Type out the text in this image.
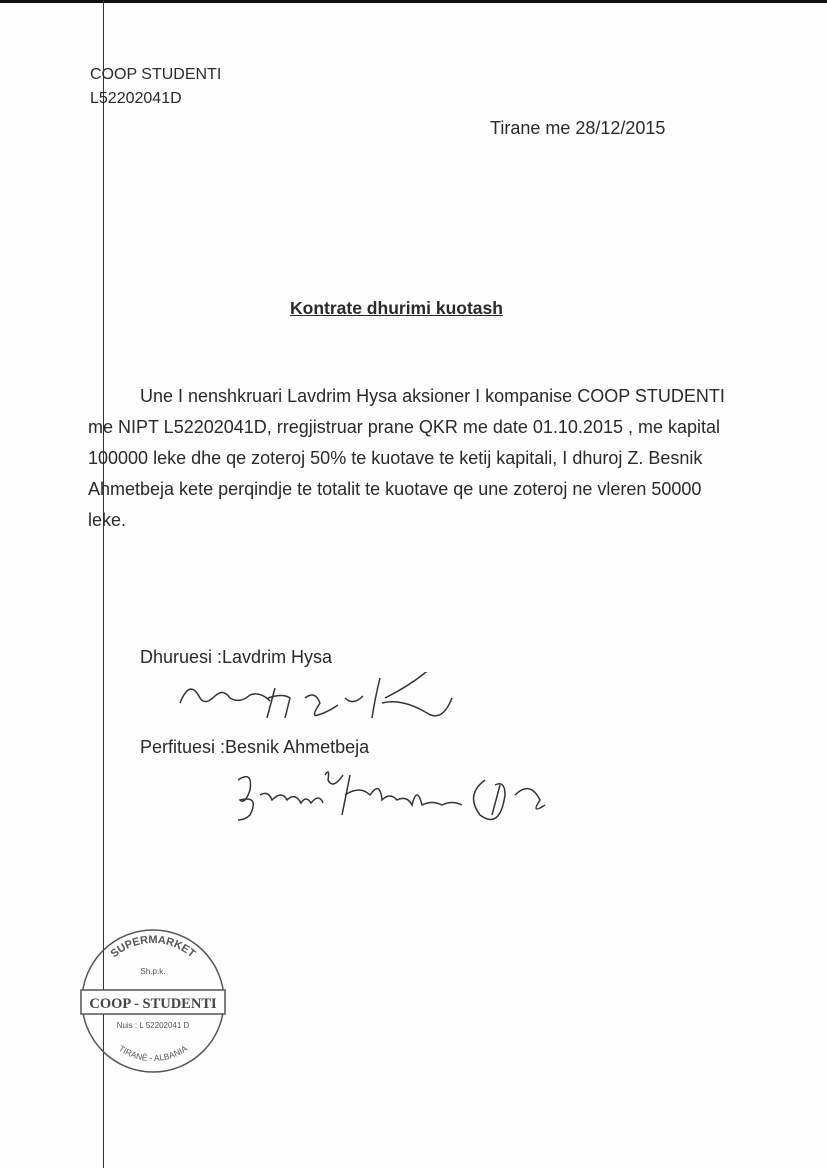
COOP STUDENTI
L52202041D
Tirane me 28/12/2015
Kontrate dhurimi kuotash
Une I nenshkruari Lavdrim Hysa aksioner I kompanise COOP STUDENTI me NIPT L52202041D, rregjistruar prane QKR me date 01.10.2015 , me kapital 100000 leke dhe qe zoteroj 50% te kuotave te ketij kapitali, I dhuroj Z. Besnik Ahmetbeja kete perqindje te totalit te kuotave qe une zoteroj ne vleren 50000 leke.
Dhuruesi :Lavdrim Hysa
Perfituesi :Besnik Ahmetbeja
SUPERMARKET
Sh.p.k.
COOP - STUDENTI
Nuis : L 52202041 D
TIRANË - ALBANIA
